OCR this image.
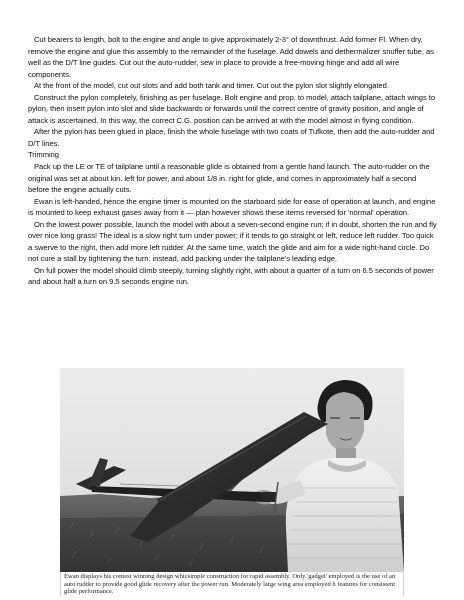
Cut bearers to length, bolt to the engine and angle to give approximately 2-3° of downthrust. Add former Fl. When dry, remove the engine and glue this assembly to the remainder of the fuselage. Add dowels and dethermalizer snuffer tube, as well as the D/T line guides. Cut out the auto-rudder, sew in place to provide a free-moving hinge and add all wire components.

At the front of the model, cut out slots and add both tank and timer. Cut out the pylon slot slightly elongated.

Construct the pylon completely, finishing as per fuselage. Bolt engine and prop. to model, attach tailplane, attach wings to pylon, then insert pylon into slot and slide backwards or forwards until the correct centre of gravity position, and angle of attack is ascertained. In this way, the correct C.G. position can be arrived at with the model almost in flying condition.

After the pylon has been glued in place, finish the whole fuselage with two coats of Tufkote, then add the auto-rudder and D/T lines.

Trimming

Pack up the LE or TE of tailplane until a reasonable glide is obtained from a gentle hand launch. The auto-rudder on the original was set at about kin. left for power, and about 1/8 in. right for glide, and comes in approximately half a second before the engine actually cuts.

Ewan is left-handed, hence the engine timer is mounted on the starboard side for ease of operation at launch, and engine is mounted to keep exhaust gases away from it — plan however shows these items reversed for 'normal' operation.

On the lowest power possible, launch the model with about a seven-second engine run; if in doubt, shorten the run and fly over nice long grass! The ideal is a slow right turn under power; if it tends to go straight or left, reduce left rudder. Too quick a swerve to the right, then add more left rudder. At the same time, watch the glide and aim for a wide right-hand circle. Do not cure a stall by tightening the turn: instead, add packing under the tailplane's leading edge.

On full power the model should climb steeply, turning slightly right, with about a quarter of a turn on 6.5 seconds of power and about half a turn on 9.5 seconds engine run.

Ewan displays his contest winning design whicsimple construction for rapid assembly. Only 'gadget' employed is the use of an auto rudder to provide good glide recovery after the power run. Moderately large wing area employed h features for consistent glide performance.
